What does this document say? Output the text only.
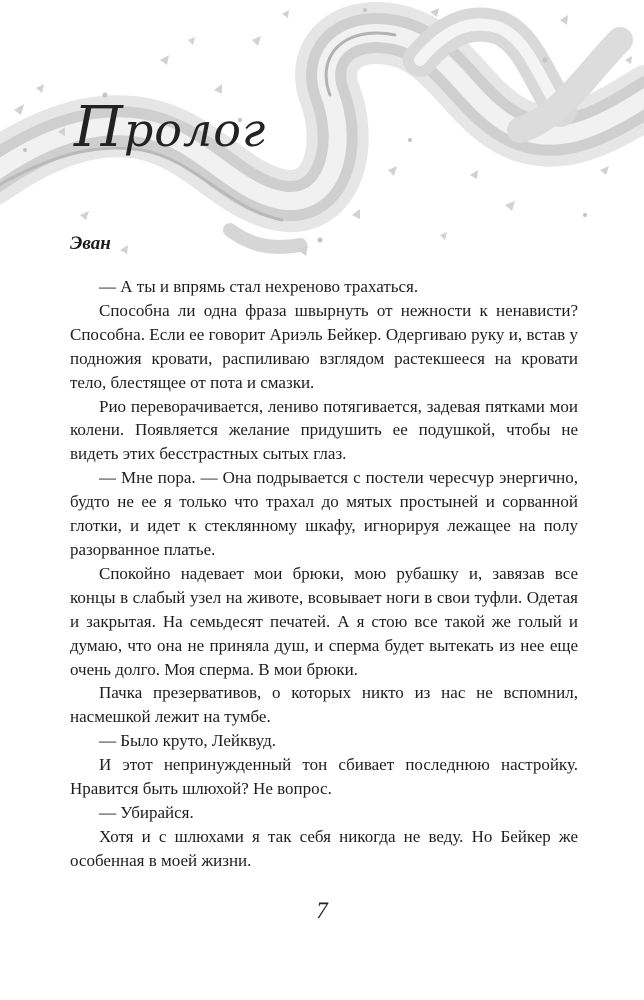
Пролог
Эван

— А ты и впрямь стал нехреново трахаться.

Способна ли одна фраза швырнуть от нежности к ненависти? Способна. Если ее говорит Ариэль Бейкер. Одергиваю руку и, встав у подножия кровати, распиливаю взглядом растекшееся на кровати тело, блестящее от пота и смазки.

Рио переворачивается, лениво потягивается, задевая пятками мои колени. Появляется желание придушить ее подушкой, чтобы не видеть этих бесстрастных сытых глаз.

— Мне пора. — Она подрывается с постели чересчур энергично, будто не ее я только что трахал до мятых простыней и сорванной глотки, и идет к стеклянному шкафу, игнорируя лежащее на полу разорванное платье.

Спокойно надевает мои брюки, мою рубашку и, завязав все концы в слабый узел на животе, всовывает ноги в свои туфли. Одетая и закрытая. На семьдесят печатей. А я стою все такой же голый и думаю, что она не приняла душ, и сперма будет вытекать из нее еще очень долго. Моя сперма. В мои брюки.

Пачка презервативов, о которых никто из нас не вспомнил, насмешкой лежит на тумбе.

— Было круто, Лейквуд.

И этот непринужденный тон сбивает последнюю настройку. Нравится быть шлюхой? Не вопрос.

— Убирайся.

Хотя и с шлюхами я так себя никогда не веду. Но Бейкер же особенная в моей жизни.

7
